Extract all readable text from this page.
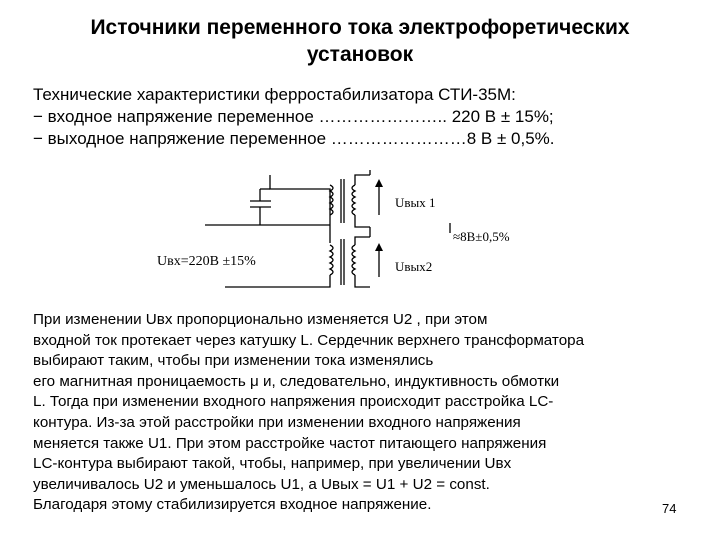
Источники переменного тока электрофоретических
установок
Технические характеристики ферростабилизатора СТИ-35М:
− входное напряжение переменное ………………….. 220 В ± 15%;
− выходное напряжение переменное ……………………8 В ± 0,5%.
Uвх=220В ±15%
Uвых 1
Uвых2
≈8В±0,5%
При изменении Uвх пропорционально изменяется U2 , при этом
входной ток протекает через катушку L. Сердечник верхнего трансформатора
выбирают таким, чтобы при изменении тока изменялись
его магнитная проницаемость μ и, следовательно, индуктивность обмотки
L. Тогда при изменении входного напряжения происходит расстройка LC-
контура. Из-за этой расстройки при изменении входного напряжения
меняется также U1. При этом расстройке частот питающего напряжения
LC-контура выбирают такой, чтобы, например, при увеличении Uвх
увеличивалось U2 и уменьшалось U1, а Uвых = U1 + U2 = const.
Благодаря этому стабилизируется входное напряжение.	74
